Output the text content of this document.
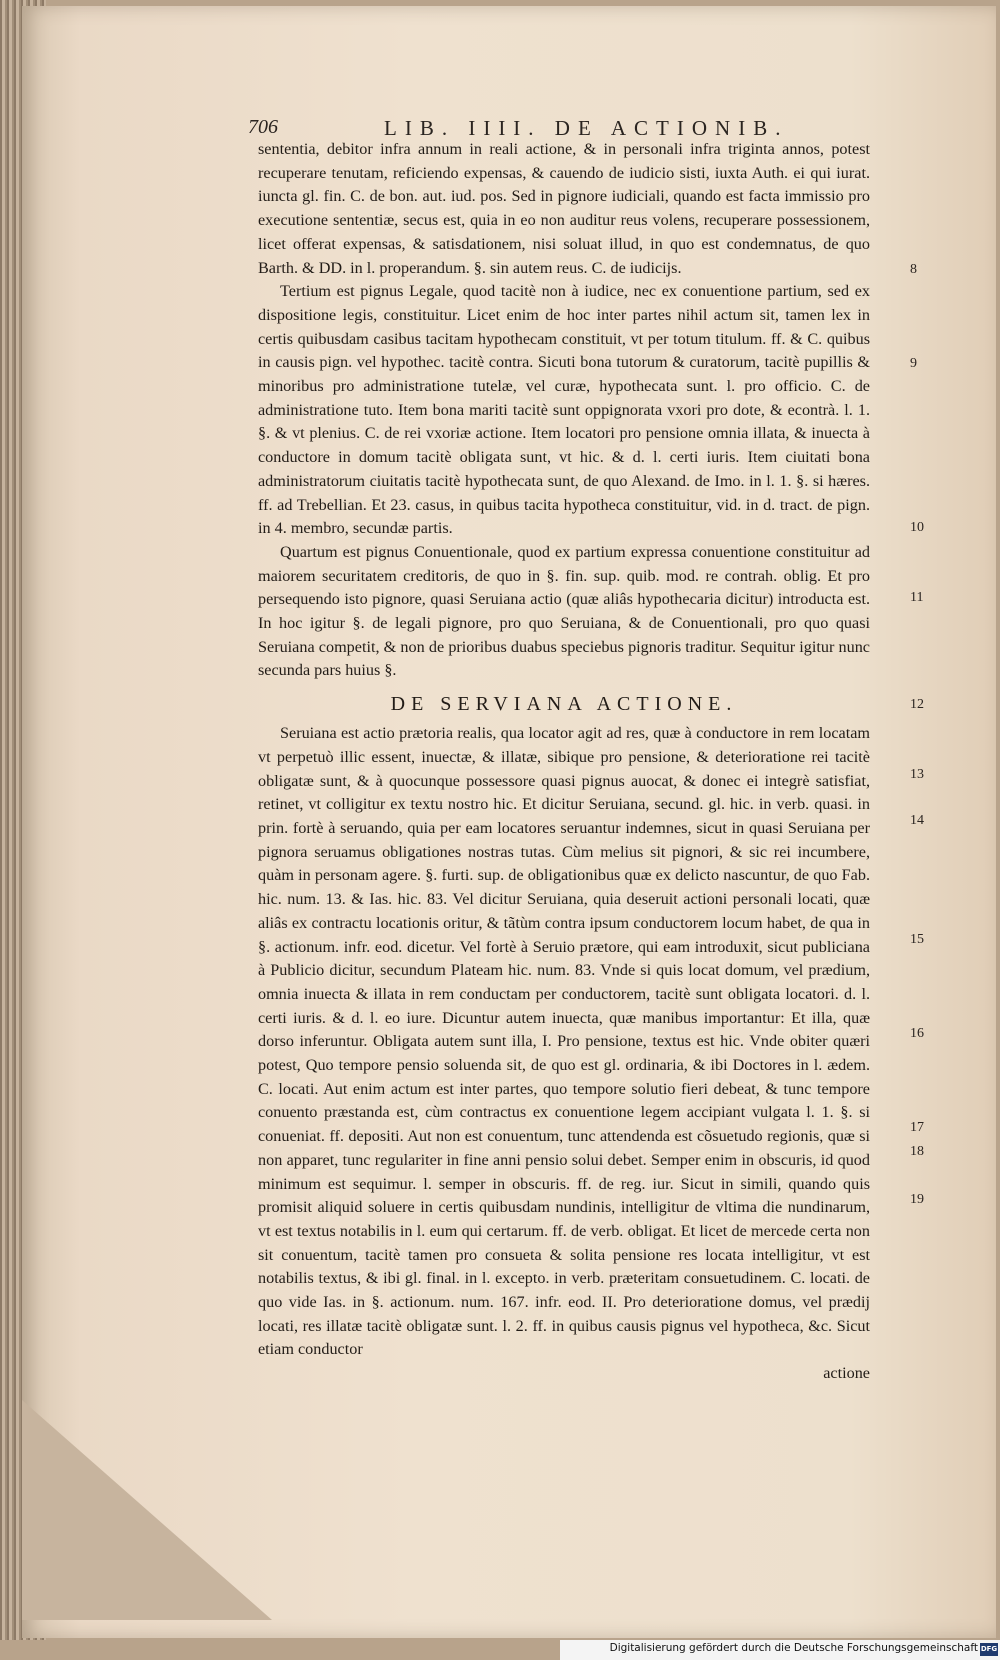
706	LIB. IIII. DE ACTIONIB.

sententia, debitor infra annum in reali actione, & in personali infra triginta annos, potest recuperare tenutam, reficiendo expensas, & cauendo de iudicio sisti, iuxta Auth. ei qui iurat. iuncta gl. fin. C. de bon. aut. iud. pos. Sed in pignore iudiciali, quando est facta immissio pro executione sententiæ, secus est, quia in eo non auditur reus volens, recuperare possessionem, licet offerat expensas, & satisdationem, nisi soluat illud, in quo est condemnatus, de quo Barth. & DD. in l. properandum. §. sin autem reus. C. de iudicijs.

Tertium est pignus Legale, quod tacitè non à iudice, nec ex conuentione partium, sed ex dispositione legis, constituitur. Licet enim de hoc inter partes nihil actum sit, tamen lex in certis quibusdam casibus tacitam hypothecam constituit, vt per totum titulum. ff. & C. quibus in causis pign. vel hypothec. tacitè contra. Sicuti bona tutorum & curatorum, tacitè pupillis & minoribus pro administratione tutelæ, vel curæ, hypothecata sunt. l. pro officio. C. de administratione tuto. Item bona mariti tacitè sunt oppignorata vxori pro dote, & econtrà. l. 1. §. & vt plenius. C. de rei vxoriæ actione. Item locatori pro pensione omnia illata, & inuecta à conductore in domum tacitè obligata sunt, vt hic. & d. l. certi iuris. Item ciuitati bona administratorum ciuitatis tacitè hypothecata sunt, de quo Alexand. de Imo. in l. 1. §. si hæres. ff. ad Trebellian. Et 23. casus, in quibus tacita hypotheca constituitur, vid. in d. tract. de pign. in 4. membro, secundæ partis.

Quartum est pignus Conuentionale, quod ex partium expressa conuentione constituitur ad maiorem securitatem creditoris, de quo in §. fin. sup. quib. mod. re contrah. oblig. Et pro persequendo isto pignore, quasi Seruiana actio (quæ aliâs hypothecaria dicitur) introducta est. In hoc igitur §. de legali pignore, pro quo Seruiana, & de Conuentionali, pro quo quasi Seruiana competit, & non de prioribus duabus speciebus pignoris traditur. Sequitur igitur nunc secunda pars huius §.

DE SERVIANA ACTIONE.

Seruiana est actio prætoria realis, qua locator agit ad res, quæ à conductore in rem locatam vt perpetuò illic essent, inuectæ, & illatæ, sibique pro pensione, & deterioratione rei tacitè obligatæ sunt, & à quocunque possessore quasi pignus auocat, & donec ei integrè satisfiat, retinet, vt colligitur ex textu nostro hic. Et dicitur Seruiana, secund. gl. hic. in verb. quasi. in prin. fortè à seruando, quia per eam locatores seruantur indemnes, sicut in quasi Seruiana per pignora seruamus obligationes nostras tutas. Cùm melius sit pignori, & sic rei incumbere, quàm in personam agere. §. furti. sup. de obligationibus quæ ex delicto nascuntur, de quo Fab. hic. num. 13. & Ias. hic. 83. Vel dicitur Seruiana, quia deseruit actioni personali locati, quæ aliâs ex contractu locationis oritur, & tãtùm contra ipsum conductorem locum habet, de qua in §. actionum. infr. eod. dicetur. Vel fortè à Seruio prætore, qui eam introduxit, sicut publiciana à Publicio dicitur, secundum Plateam hic. num. 83. Vnde si quis locat domum, vel prædium, omnia inuecta & illata in rem conductam per conductorem, tacitè sunt obligata locatori. d. l. certi iuris. & d. l. eo iure. Dicuntur autem inuecta, quæ manibus importantur: Et illa, quæ dorso inferuntur. Obligata autem sunt illa, I. Pro pensione, textus est hic. Vnde obiter quæri potest, Quo tempore pensio soluenda sit, de quo est gl. ordinaria, & ibi Doctores in l. ædem. C. locati. Aut enim actum est inter partes, quo tempore solutio fieri debeat, & tunc tempore conuento præstanda est, cùm contractus ex conuentione legem accipiant vulgata l. 1. §. si conueniat. ff. depositi. Aut non est conuentum, tunc attendenda est cõsuetudo regionis, quæ si non apparet, tunc regulariter in fine anni pensio solui debet. Semper enim in obscuris, id quod minimum est sequimur. l. semper in obscuris. ff. de reg. iur. Sicut in simili, quando quis promisit aliquid soluere in certis quibusdam nundinis, intelligitur de vltima die nundinarum, vt est textus notabilis in l. eum qui certarum. ff. de verb. obligat. Et licet de mercede certa non sit conuentum, tacitè tamen pro consueta & solita pensione res locata intelligitur, vt est notabilis textus, & ibi gl. final. in l. excepto. in verb. præteritam consuetudinem. C. locati. de quo vide Ias. in §. actionum. num. 167. infr. eod. II. Pro deterioratione domus, vel prædij locati, res illatæ tacitè obligatæ sunt. l. 2. ff. in quibus causis pignus vel hypotheca, &c. Sicut etiam conductor

actione
8
9
10
11
12
13
14
15
16
17
18
19
Digitalisierung gefördert durch die Deutsche Forschungsgemeinschaft DFG
